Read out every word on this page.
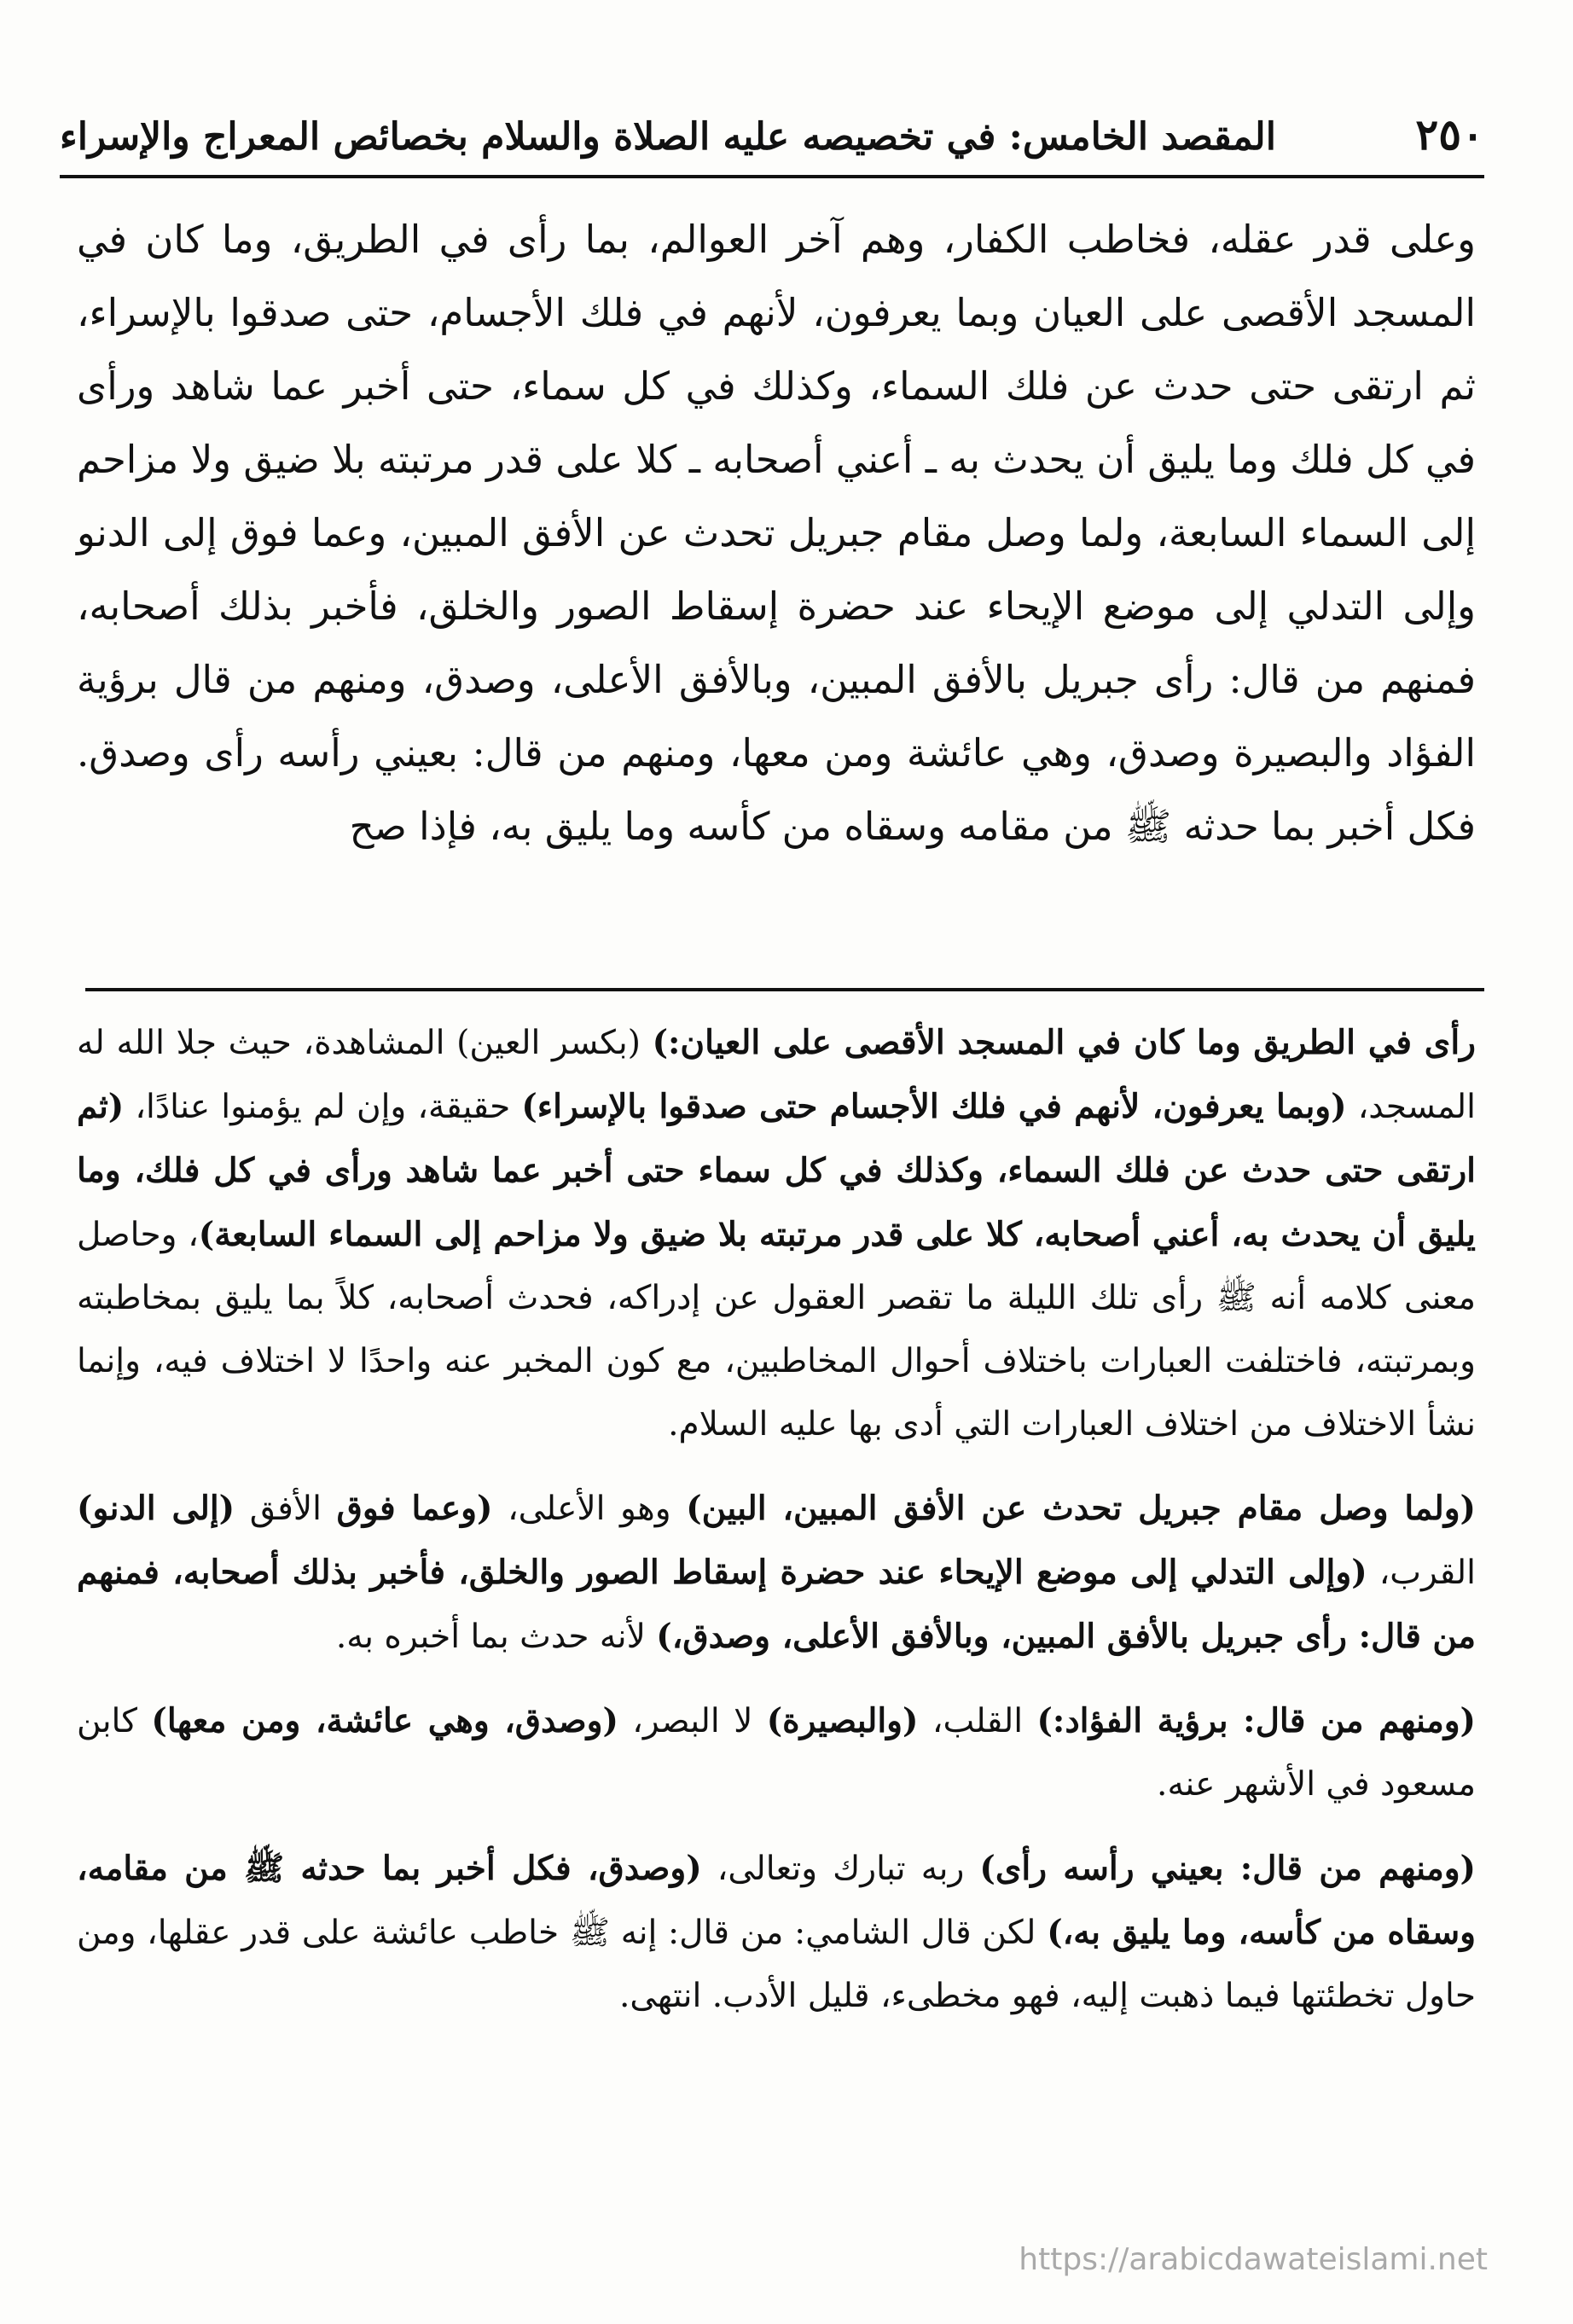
٢٥٠
المقصد الخامس: في تخصيصه عليه الصلاة والسلام بخصائص المعراج والإسراء

وعلى قدر عقله، فخاطب الكفار، وهم آخر العوالم، بما رأى في الطريق، وما كان في المسجد الأقصى على العيان وبما يعرفون، لأنهم في فلك الأجسام، حتى صدقوا بالإسراء، ثم ارتقى حتى حدث عن فلك السماء، وكذلك في كل سماء، حتى أخبر عما شاهد ورأى في كل فلك وما يليق أن يحدث به ـ أعني أصحابه ـ كلا على قدر مرتبته بلا ضيق ولا مزاحم إلى السماء السابعة، ولما وصل مقام جبريل تحدث عن الأفق المبين، وعما فوق إلى الدنو وإلى التدلي إلى موضع الإيحاء عند حضرة إسقاط الصور والخلق، فأخبر بذلك أصحابه، فمنهم من قال: رأى جبريل بالأفق المبين، وبالأفق الأعلى، وصدق، ومنهم من قال برؤية الفؤاد والبصيرة وصدق، وهي عائشة ومن معها، ومنهم من قال: بعيني رأسه رأى وصدق. فكل أخبر بما حدثه ﷺ من مقامه وسقاه من كأسه وما يليق به، فإذا صح

رأى في الطريق وما كان في المسجد الأقصى على العيان:) (بكسر العين) المشاهدة، حيث جلا الله له المسجد، (وبما يعرفون، لأنهم في فلك الأجسام حتى صدقوا بالإسراء) حقيقة، وإن لم يؤمنوا عنادًا، (ثم ارتقى حتى حدث عن فلك السماء، وكذلك في كل سماء حتى أخبر عما شاهد ورأى في كل فلك، وما يليق أن يحدث به، أعني أصحابه، كلا على قدر مرتبته بلا ضيق ولا مزاحم إلى السماء السابعة)، وحاصل معنى كلامه أنه ﷺ رأى تلك الليلة ما تقصر العقول عن إدراكه، فحدث أصحابه، كلاً بما يليق بمخاطبته وبمرتبته، فاختلفت العبارات باختلاف أحوال المخاطبين، مع كون المخبر عنه واحدًا لا اختلاف فيه، وإنما نشأ الاختلاف من اختلاف العبارات التي أدى بها عليه السلام.

(ولما وصل مقام جبريل تحدث عن الأفق المبين، البين) وهو الأعلى، (وعما فوق الأفق (إلى الدنو) القرب، (وإلى التدلي إلى موضع الإيحاء عند حضرة إسقاط الصور والخلق، فأخبر بذلك أصحابه، فمنهم من قال: رأى جبريل بالأفق المبين، وبالأفق الأعلى، وصدق،) لأنه حدث بما أخبره به.

(ومنهم من قال: برؤية الفؤاد:) القلب، (والبصيرة) لا البصر، (وصدق، وهي عائشة، ومن معها) كابن مسعود في الأشهر عنه.

(ومنهم من قال: بعيني رأسه رأى) ربه تبارك وتعالى، (وصدق، فكل أخبر بما حدثه ﷺ من مقامه، وسقاه من كأسه، وما يليق به،) لكن قال الشامي: من قال: إنه ﷺ خاطب عائشة على قدر عقلها، ومن حاول تخطئتها فيما ذهبت إليه، فهو مخطىء، قليل الأدب. انتهى.

https://arabicdawateislami.net
